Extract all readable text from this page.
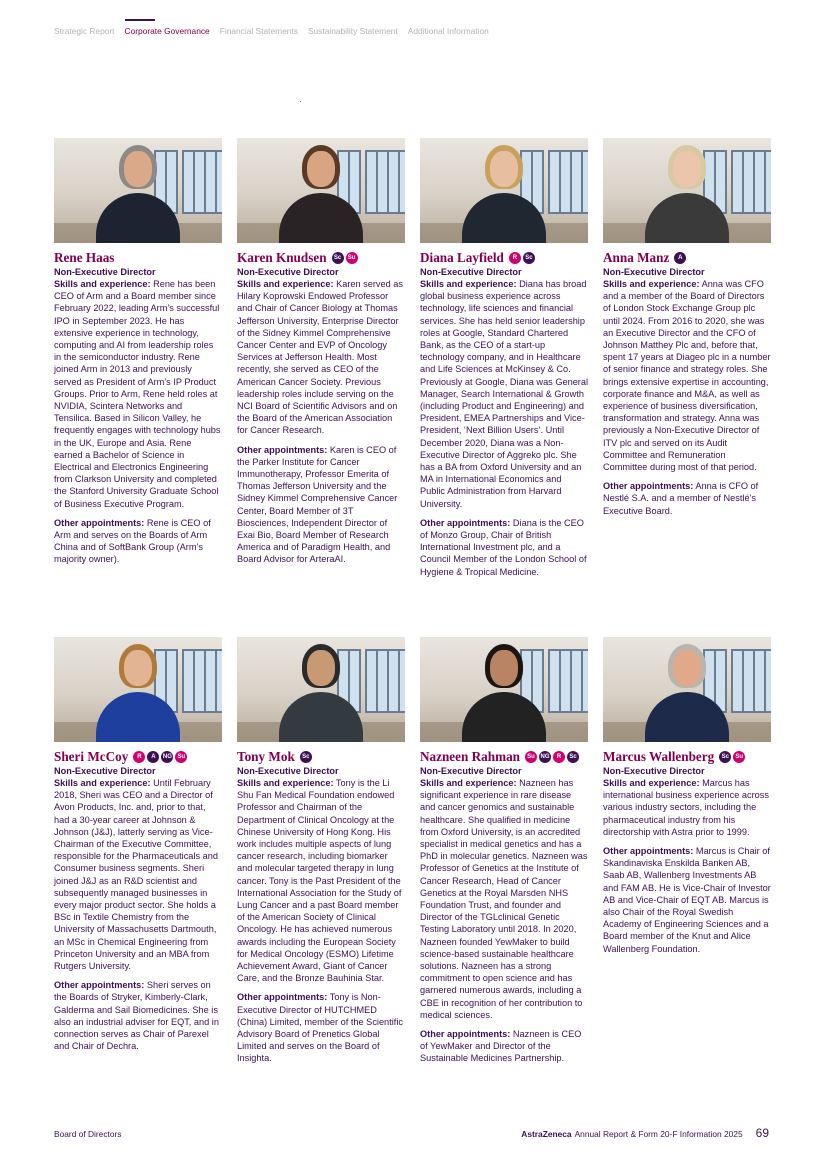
Strategic Report Corporate Governance Financial Statements Sustainability Statement Additional Information
Rene Haas
Non-Executive Director

Skills and experience: Rene has been CEO of Arm and a Board member since February 2022, leading Arm’s successful IPO in September 2023. He has extensive experience in technology, computing and AI from leadership roles in the semiconductor industry. Rene joined Arm in 2013 and previously served as President of Arm’s IP Product Groups. Prior to Arm, Rene held roles at NVIDIA, Scintera Networks and Tensilica. Based in Silicon Valley, he frequently engages with technology hubs in the UK, Europe and Asia. Rene earned a Bachelor of Science in Electrical and Electronics Engineering from Clarkson University and completed the Stanford University Graduate School of Business Executive Program.

Other appointments: Rene is CEO of Arm and serves on the Boards of Arm China and of SoftBank Group (Arm’s majority owner).

Karen Knudsen	Sc	Su
Non-Executive Director

Skills and experience: Karen served as Hilary Koprowski Endowed Professor and Chair of Cancer Biology at Thomas Jefferson University, Enterprise Director of the Sidney Kimmel Comprehensive Cancer Center and EVP of Oncology Services at Jefferson Health. Most recently, she served as CEO of the American Cancer Society. Previous leadership roles include serving on the NCI Board of Scientific Advisors and on the Board of the American Association for Cancer Research.

Other appointments: Karen is CEO of the Parker Institute for Cancer Immunotherapy, Professor Emerita of Thomas Jefferson University and the Sidney Kimmel Comprehensive Cancer Center, Board Member of 3T Biosciences, Independent Director of Exai Bio, Board Member of Research America and of Paradigm Health, and Board Advisor for ArteraAI.

Diana Layfield	R	Sc
Non-Executive Director

Skills and experience: Diana has broad global business experience across technology, life sciences and financial services. She has held senior leadership roles at Google, Standard Chartered Bank, as the CEO of a start-up technology company, and in Healthcare and Life Sciences at McKinsey & Co. Previously at Google, Diana was General Manager, Search International & Growth (including Product and Engineering) and President, EMEA Partnerships and Vice-President, ‘Next Billion Users’. Until December 2020, Diana was a Non-Executive Director of Aggreko plc. She has a BA from Oxford University and an MA in International Economics and Public Administration from Harvard University.

Other appointments: Diana is the CEO of Monzo Group, Chair of British International Investment plc, and a Council Member of the London School of Hygiene & Tropical Medicine.

Anna Manz	A
Non-Executive Director

Skills and experience: Anna was CFO and a member of the Board of Directors of London Stock Exchange Group plc until 2024. From 2016 to 2020, she was an Executive Director and the CFO of Johnson Matthey Plc and, before that, spent 17 years at Diageo plc in a number of senior finance and strategy roles. She brings extensive expertise in accounting, corporate finance and M&A, as well as experience of business diversification, transformation and strategy. Anna was previously a Non-Executive Director of ITV plc and served on its Audit Committee and Remuneration Committee during most of that period.

Other appointments: Anna is CFO of Nestlé S.A. and a member of Nestlé’s Executive Board.

Sheri McCoy	R	A	NG Su
Non-Executive Director

Skills and experience: Until February 2018, Sheri was CEO and a Director of Avon Products, Inc. and, prior to that, had a 30-year career at Johnson & Johnson (J&J), latterly serving as Vice-Chairman of the Executive Committee, responsible for the Pharmaceuticals and Consumer business segments. Sheri joined J&J as an R&D scientist and subsequently managed businesses in every major product sector. She holds a BSc in Textile Chemistry from the University of Massachusetts Dartmouth, an MSc in Chemical Engineering from Princeton University and an MBA from Rutgers University.

Other appointments: Sheri serves on the Boards of Stryker, Kimberly-Clark, Galderma and Sail Biomedicines. She is also an industrial adviser for EQT, and in connection serves as Chair of Parexel and Chair of Dechra.

Tony Mok	Sc
Non-Executive Director

Skills and experience: Tony is the Li Shu Fan Medical Foundation endowed Professor and Chairman of the Department of Clinical Oncology at the Chinese University of Hong Kong. His work includes multiple aspects of lung cancer research, including biomarker and molecular targeted therapy in lung cancer. Tony is the Past President of the International Association for the Study of Lung Cancer and a past Board member of the American Society of Clinical Oncology. He has achieved numerous awards including the European Society for Medical Oncology (ESMO) Lifetime Achievement Award, Giant of Cancer Care, and the Bronze Bauhinia Star.

Other appointments: Tony is Non-Executive Director of HUTCHMED (China) Limited, member of the Scientific Advisory Board of Prenetics Global Limited and serves on the Board of Insighta.

Nazneen Rahman	Su NG	R	Sc
Non-Executive Director

Skills and experience: Nazneen has significant experience in rare disease and cancer genomics and sustainable healthcare. She qualified in medicine from Oxford University, is an accredited specialist in medical genetics and has a PhD in molecular genetics. Nazneen was Professor of Genetics at the Institute of Cancer Research, Head of Cancer Genetics at the Royal Marsden NHS Foundation Trust, and founder and Director of the TGLclinical Genetic Testing Laboratory until 2018. In 2020, Nazneen founded YewMaker to build science-based sustainable healthcare solutions. Nazneen has a strong commitment to open science and has garnered numerous awards, including a CBE in recognition of her contribution to medical sciences.

Other appointments: Nazneen is CEO of YewMaker and Director of the Sustainable Medicines Partnership.

Marcus Wallenberg	Sc	Su
Non-Executive Director

Skills and experience: Marcus has international business experience across various industry sectors, including the pharmaceutical industry from his directorship with Astra prior to 1999.

Other appointments: Marcus is Chair of Skandinaviska Enskilda Banken AB, Saab AB, Wallenberg Investments AB and FAM AB. He is Vice-Chair of Investor AB and Vice-Chair of EQT AB. Marcus is also Chair of the Royal Swedish Academy of Engineering Sciences and a Board member of the Knut and Alice Wallenberg Foundation.

Board of Directors	AstraZeneca Annual Report & Form 20-F Information 2025 69
